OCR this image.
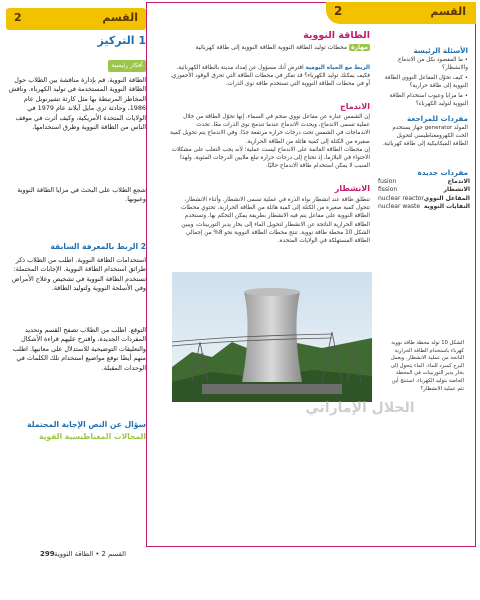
القسم
2
1 التركيز
أفكار رئيسية
الطاقة النووية. قم بإدارة مناقشة بين الطلاب حول الطاقة النووية المستخدمة في توليد الكهرباء، وناقش المخاطر المرتبطة بها مثل كارثة تشيرنوبل عام 1986، وحادثة ثري مايل آيلاند عام 1979 في الولايات المتحدة الأمريكية، وكيف أثرت في موقف الناس من الطاقة النووية وطرق استخدامها.
شجع الطلاب على البحث في مزايا الطاقة النووية وعيوبها.
2 الربط بالمعرفة السابقة
استخدامات الطاقة النووية. اطلب من الطلاب ذكر طرائق استخدام الطاقة النووية. الإجابات المحتملة: تستخدم الطاقة النووية في تشخيص وعلاج الأمراض وفي الأسلحة النووية ولتوليد الطاقة.
التوقع. اطلب من الطلاب تصفح القسم وتحديد المفردات الجديدة، واقترح عليهم قراءة الأشكال والتعليقات التوضيحية للاستدلال على معانيها. اطلب منهم أيضًا توقع مواضيع استخدام تلك الكلمات في الوحدات المقبلة.
سؤال عن النص الإجابة المحتملة
المجالات المغناطيسية القوية
القسم
2
الأسئلة الرئيسة
• ما المقصود بكل من الاندماج والانشطار؟
• كيف تحوّل المفاعل النووي الطاقة النووية إلى طاقة حرارية؟
• ما مزايا وعيوب استخدام الطاقة النووية لتوليد الكهرباء؟
مفردات للمراجعة
المولد generator جهاز يستخدم الحث الكهرومغناطيسي لتحويل الطاقة الميكانيكية إلى طاقة كهربائية.
مفردات جديدة
fusion	الاندماج
fission	الانشطار
nuclear reactor المفاعل النووي
nuclear waste النفايات النووية
الطاقة النووية
مهارة محطات توليد الطاقة النووية الطاقة النووية إلى طاقة كهربائية
الربط مع الحياة اليومية افترض أنك مسؤول عن إمداد مدينة بالطاقة الكهربائية. فكيف يمكنك توليد الكهرباء؟ قد تفكر في محطات الطاقة التي تحرق الوقود الأحفوري، أو في محطات الطاقة النووية التي تستخدم طاقة نوى الذرات.
الاندماج
إن الشمس عبارة عن مفاعل نووي ضخم في السماء. إنها تحوّل الطاقة من خلال عملية تسمى الاندماج، ويحدث الاندماج عندما تندمج نوى الذرات معًا. تحدث الاندماجات في الشمس تحت درجات حرارة مرتفعة جدًا. وفي الاندماج يتم تحويل كمية صغيرة من الكتلة إلى كمية هائلة من الطاقة الحرارية.
إن محطات الطاقة القائمة على الاندماج ليست عملية؛ لأنه يجب التغلب على مشكلات الاحتواء في البلازما، إذ تحتاج إلى درجات حرارة تبلغ ملايين الدرجات المئوية. ولهذا السبب لا يمكن استخدام طاقة الاندماج حاليًا.
الانشطار
تنطلق طاقة عند انشطار نواة الذرة في عملية تسمى الانشطار. وأثناء الانشطار، تتحول كمية صغيرة من الكتلة إلى كمية هائلة من الطاقة الحرارية. تحتوي محطات الطاقة النووية على مفاعل يتم فيه الانشطار بطريقة يمكن التحكم بها. وتستخدم الطاقة الحرارية الناتجة عن الانشطار لتحويل الماء إلى بخار يدير التوربينات، ويبين الشكل 10 محطة طاقة نووية. تنتج محطات الطاقة النووية نحو 8% من إجمالي الطاقة المستهلكة في الولايات المتحدة.
الشكل 10 تولد محطة طاقة نووية كهرباء باستخدام الطاقة الحرارية الناتجة من عملية الانشطار. ويعمل البرج كمبرد للماء. الماء يتحول إلى بخار يدير التوربينات في المحطة الخاصة بتوليد الكهرباء. استنتج أين تتم عملية الانشطار؟
الحلال الإماراتي
299 القسم 2 • الطاقة النووية
